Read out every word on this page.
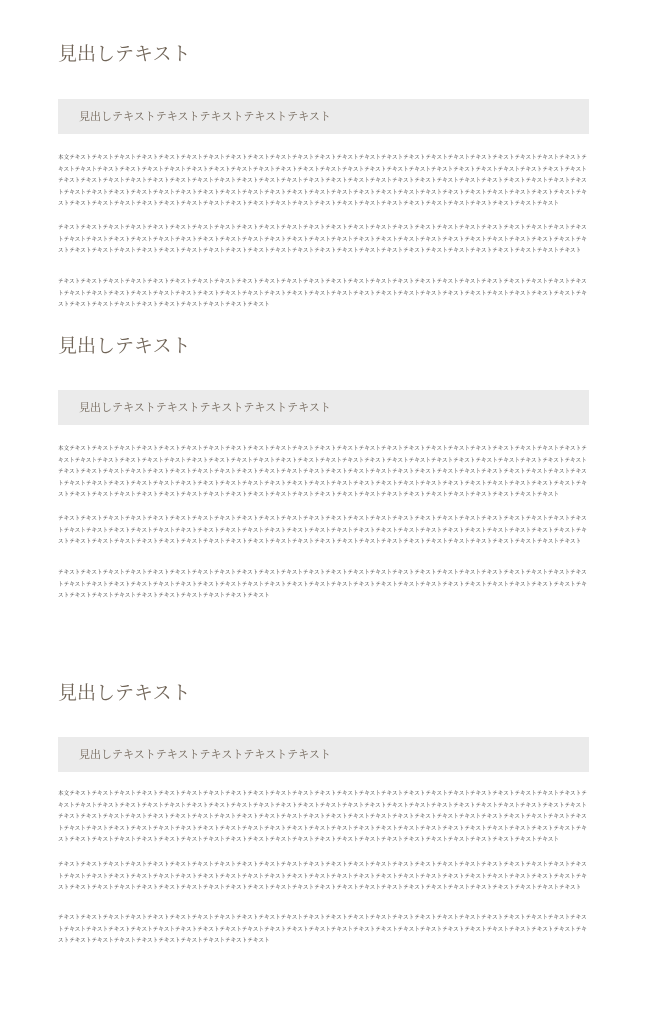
見出しテキスト
見出しテキストテキストテキストテキストテキスト

本文テキストテキストテキストテキストテキストテキストテキストテキストテキストテキストテキストテキストテキストテキストテキストテキストテキストテキストテキストテキストテキストテキストテキストテキストテキストテキストテキストテキストテキストテキストテキストテキストテキストテキストテキストテキストテキストテキストテキストテキストテキストテキストテキストテキストテキストテキストテキストテキストテキストテキストテキストテキストテキストテキストテキストテキストテキストテキストテキストテキストテキストテキストテキストテキストテキストテキストテキストテキストテキストテキストテキストテキストテキストテキストテキストテキストテキストテキストテキストテキストテキストテキストテキストテキストテキストテキストテキストテキストテキストテキストテキストテキストテキストテキストテキストテキストテキストテキストテキストテキストテキストテキストテキストテキストテキストテキストテキストテキストテキストテキストテキストテキストテキストテキストテキストテキストテキスト

テキストテキストテキストテキストテキストテキストテキストテキストテキストテキストテキストテキストテキストテキストテキストテキストテキストテキストテキストテキストテキストテキストテキストテキストテキストテキストテキストテキストテキストテキストテキストテキストテキストテキストテキストテキストテキストテキストテキストテキストテキストテキストテキストテキストテキストテキストテキストテキストテキストテキストテキストテキストテキストテキストテキストテキストテキストテキストテキストテキストテキストテキストテキストテキストテキストテキストテキストテキストテキストテキストテキスト

テキストテキストテキストテキストテキストテキストテキストテキストテキストテキストテキストテキストテキストテキストテキストテキストテキストテキストテキストテキストテキストテキストテキストテキストテキストテキストテキストテキストテキストテキストテキストテキストテキストテキストテキストテキストテキストテキストテキストテキストテキストテキストテキストテキストテキストテキストテキストテキストテキストテキストテキストテキストテキストテキストテキストテキストテキスト

見出しテキスト
見出しテキストテキストテキストテキストテキスト

本文テキストテキストテキストテキストテキストテキストテキストテキストテキストテキストテキストテキストテキストテキストテキストテキストテキストテキストテキストテキストテキストテキストテキストテキストテキストテキストテキストテキストテキストテキストテキストテキストテキストテキストテキストテキストテキストテキストテキストテキストテキストテキストテキストテキストテキストテキストテキストテキストテキストテキストテキストテキストテキストテキストテキストテキストテキストテキストテキストテキストテキストテキストテキストテキストテキストテキストテキストテキストテキストテキストテキストテキストテキストテキストテキストテキストテキストテキストテキストテキストテキストテキストテキストテキストテキストテキストテキストテキストテキストテキストテキストテキストテキストテキストテキストテキストテキストテキストテキストテキストテキストテキストテキストテキストテキストテキストテキストテキストテキストテキストテキストテキストテキストテキストテキストテキストテキスト

テキストテキストテキストテキストテキストテキストテキストテキストテキストテキストテキストテキストテキストテキストテキストテキストテキストテキストテキストテキストテキストテキストテキストテキストテキストテキストテキストテキストテキストテキストテキストテキストテキストテキストテキストテキストテキストテキストテキストテキストテキストテキストテキストテキストテキストテキストテキストテキストテキストテキストテキストテキストテキストテキストテキストテキストテキストテキストテキストテキストテキストテキストテキストテキストテキストテキストテキストテキストテキストテキストテキスト

テキストテキストテキストテキストテキストテキストテキストテキストテキストテキストテキストテキストテキストテキストテキストテキストテキストテキストテキストテキストテキストテキストテキストテキストテキストテキストテキストテキストテキストテキストテキストテキストテキストテキストテキストテキストテキストテキストテキストテキストテキストテキストテキストテキストテキストテキストテキストテキストテキストテキストテキストテキストテキストテキストテキストテキストテキスト

見出しテキスト
見出しテキストテキストテキストテキストテキスト

本文テキストテキストテキストテキストテキストテキストテキストテキストテキストテキストテキストテキストテキストテキストテキストテキストテキストテキストテキストテキストテキストテキストテキストテキストテキストテキストテキストテキストテキストテキストテキストテキストテキストテキストテキストテキストテキストテキストテキストテキストテキストテキストテキストテキストテキストテキストテキストテキストテキストテキストテキストテキストテキストテキストテキストテキストテキストテキストテキストテキストテキストテキストテキストテキストテキストテキストテキストテキストテキストテキストテキストテキストテキストテキストテキストテキストテキストテキストテキストテキストテキストテキストテキストテキストテキストテキストテキストテキストテキストテキストテキストテキストテキストテキストテキストテキストテキストテキストテキストテキストテキストテキストテキストテキストテキストテキストテキストテキストテキストテキストテキストテキストテキストテキストテキストテキストテキスト

テキストテキストテキストテキストテキストテキストテキストテキストテキストテキストテキストテキストテキストテキストテキストテキストテキストテキストテキストテキストテキストテキストテキストテキストテキストテキストテキストテキストテキストテキストテキストテキストテキストテキストテキストテキストテキストテキストテキストテキストテキストテキストテキストテキストテキストテキストテキストテキストテキストテキストテキストテキストテキストテキストテキストテキストテキストテキストテキストテキストテキストテキストテキストテキストテキストテキストテキストテキストテキストテキストテキスト

テキストテキストテキストテキストテキストテキストテキストテキストテキストテキストテキストテキストテキストテキストテキストテキストテキストテキストテキストテキストテキストテキストテキストテキストテキストテキストテキストテキストテキストテキストテキストテキストテキストテキストテキストテキストテキストテキストテキストテキストテキストテキストテキストテキストテキストテキストテキストテキストテキストテキストテキストテキストテキストテキストテキストテキストテキスト
